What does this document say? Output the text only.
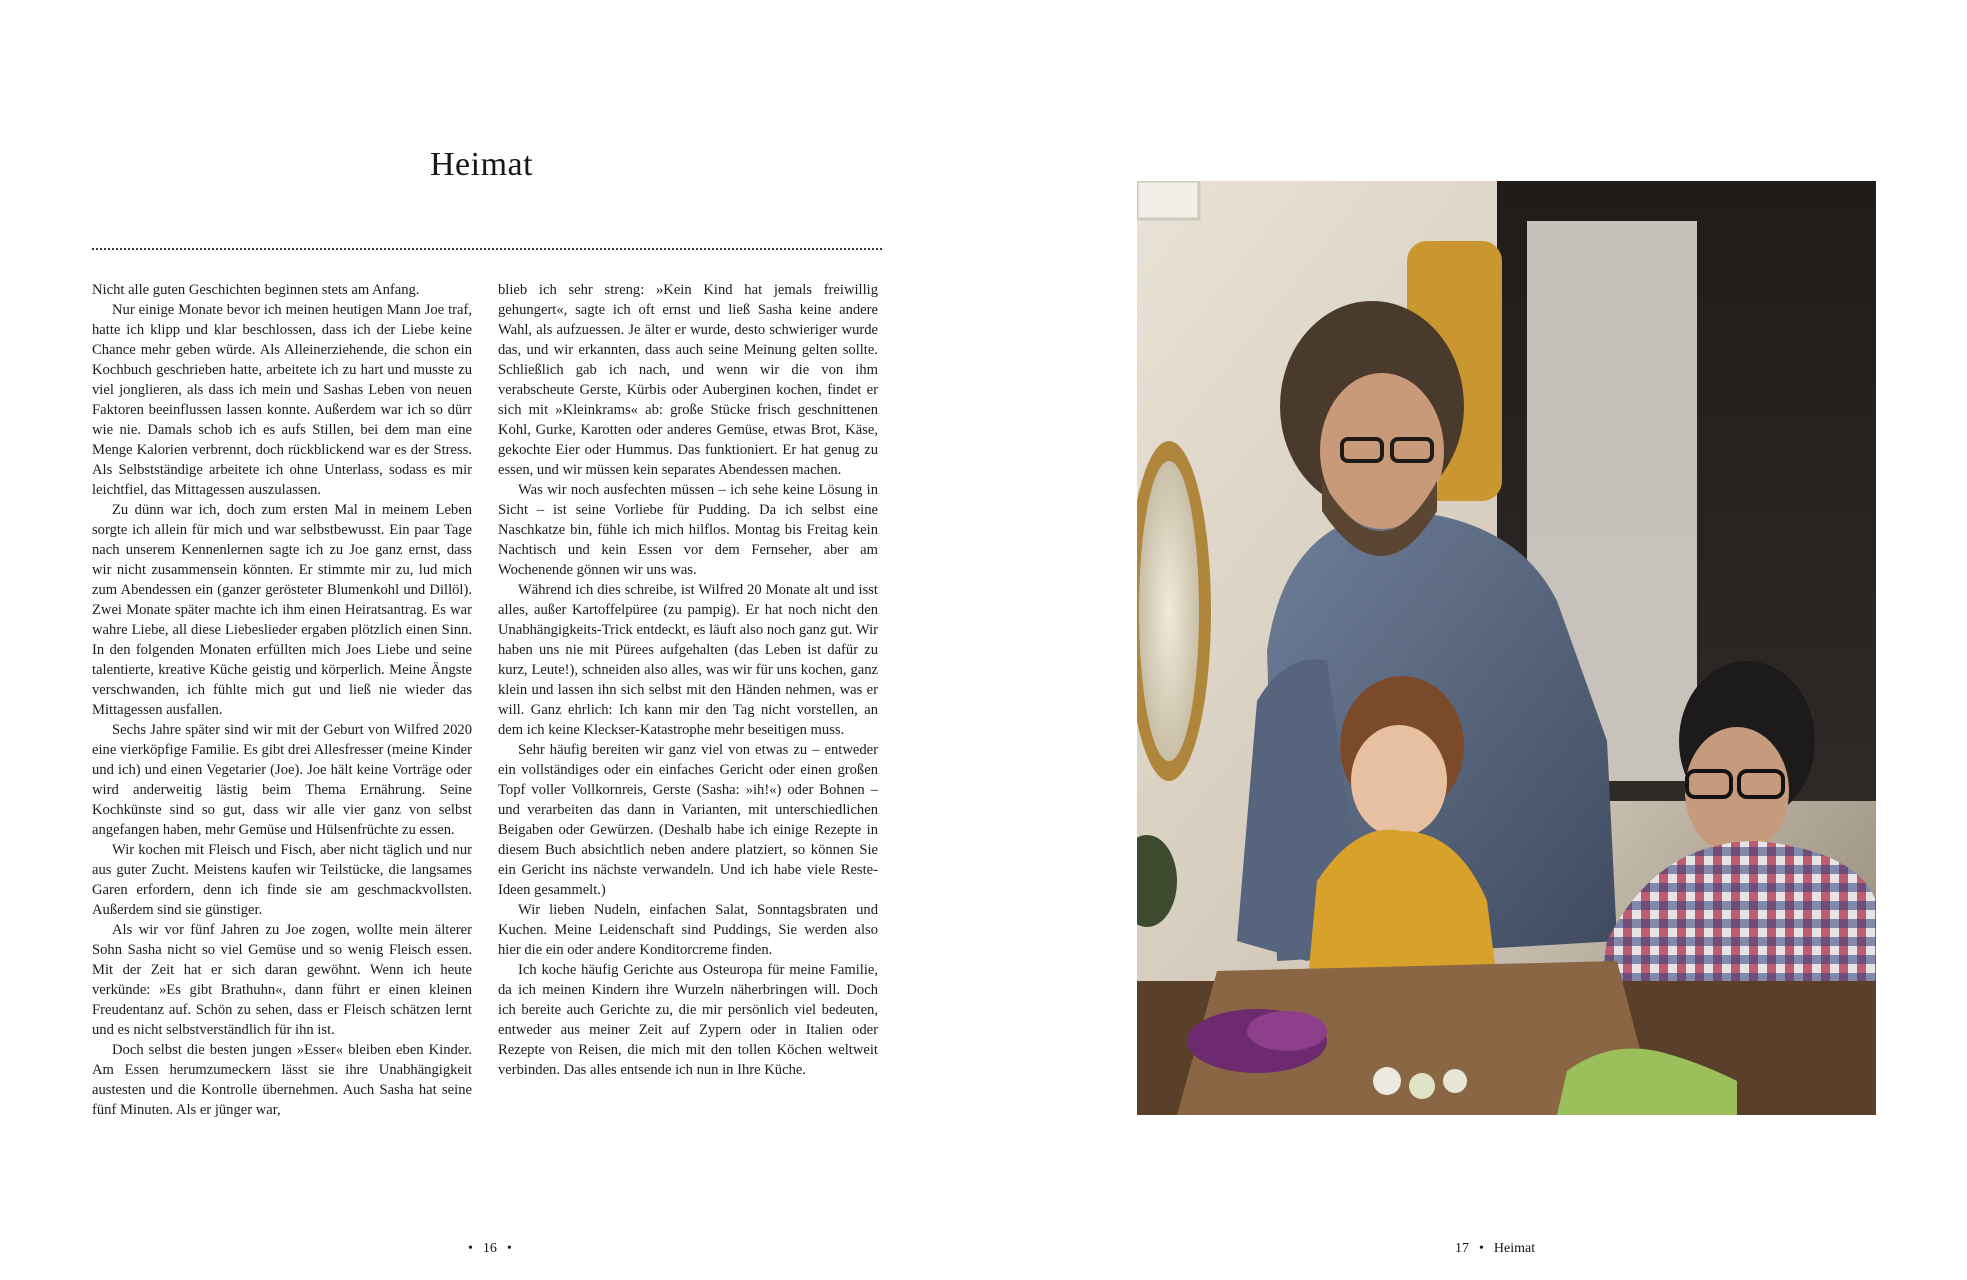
Heimat

Nicht alle guten Geschichten beginnen stets am Anfang.

Nur einige Monate bevor ich meinen heutigen Mann Joe traf, hatte ich klipp und klar beschlossen, dass ich der Liebe keine Chance mehr geben würde. Als Alleinerziehende, die schon ein Kochbuch geschrieben hatte, arbeitete ich zu hart und musste zu viel jonglieren, als dass ich mein und Sashas Leben von neuen Faktoren beeinflussen lassen konnte. Außerdem war ich so dürr wie nie. Damals schob ich es aufs Stillen, bei dem man eine Menge Kalorien verbrennt, doch rückblickend war es der Stress. Als Selbstständige arbeitete ich ohne Unterlass, sodass es mir leichtfiel, das Mittagessen auszulassen.

Zu dünn war ich, doch zum ersten Mal in meinem Leben sorgte ich allein für mich und war selbstbewusst. Ein paar Tage nach unserem Kennenlernen sagte ich zu Joe ganz ernst, dass wir nicht zusammensein könnten. Er stimmte mir zu, lud mich zum Abendessen ein (ganzer gerösteter Blumenkohl und Dillöl). Zwei Monate später machte ich ihm einen Heiratsantrag. Es war wahre Liebe, all diese Liebeslieder ergaben plötzlich einen Sinn. In den folgenden Monaten erfüllten mich Joes Liebe und seine talentierte, kreative Küche geistig und körperlich. Meine Ängste verschwanden, ich fühlte mich gut und ließ nie wieder das Mittagessen ausfallen.

Sechs Jahre später sind wir mit der Geburt von Wilfred 2020 eine vierköpfige Familie. Es gibt drei Allesfresser (meine Kinder und ich) und einen Vegetarier (Joe). Joe hält keine Vorträge oder wird anderweitig lästig beim Thema Ernährung. Seine Kochkünste sind so gut, dass wir alle vier ganz von selbst angefangen haben, mehr Gemüse und Hülsenfrüchte zu essen.

Wir kochen mit Fleisch und Fisch, aber nicht täglich und nur aus guter Zucht. Meistens kaufen wir Teilstücke, die langsames Garen erfordern, denn ich finde sie am geschmackvollsten. Außerdem sind sie günstiger.

Als wir vor fünf Jahren zu Joe zogen, wollte mein älterer Sohn Sasha nicht so viel Gemüse und so wenig Fleisch essen. Mit der Zeit hat er sich daran gewöhnt. Wenn ich heute verkünde: »Es gibt Brathuhn«, dann führt er einen kleinen Freudentanz auf. Schön zu sehen, dass er Fleisch schätzen lernt und es nicht selbstverständlich für ihn ist.

Doch selbst die besten jungen »Esser« bleiben eben Kinder. Am Essen herumzumeckern lässt sie ihre Unabhängigkeit austesten und die Kontrolle übernehmen. Auch Sasha hat seine fünf Minuten. Als er jünger war,

blieb ich sehr streng: »Kein Kind hat jemals freiwillig gehungert«, sagte ich oft ernst und ließ Sasha keine andere Wahl, als aufzuessen. Je älter er wurde, desto schwieriger wurde das, und wir erkannten, dass auch seine Meinung gelten sollte. Schließlich gab ich nach, und wenn wir die von ihm verabscheute Gerste, Kürbis oder Auberginen kochen, findet er sich mit »Kleinkrams« ab: große Stücke frisch geschnittenen Kohl, Gurke, Karotten oder anderes Gemüse, etwas Brot, Käse, gekochte Eier oder Hummus. Das funktioniert. Er hat genug zu essen, und wir müssen kein separates Abendessen machen.

Was wir noch ausfechten müssen – ich sehe keine Lösung in Sicht – ist seine Vorliebe für Pudding. Da ich selbst eine Naschkatze bin, fühle ich mich hilflos. Montag bis Freitag kein Nachtisch und kein Essen vor dem Fernseher, aber am Wochenende gönnen wir uns was.

Während ich dies schreibe, ist Wilfred 20 Monate alt und isst alles, außer Kartoffelpüree (zu pampig). Er hat noch nicht den Unabhängigkeits-Trick entdeckt, es läuft also noch ganz gut. Wir haben uns nie mit Pürees aufgehalten (das Leben ist dafür zu kurz, Leute!), schneiden also alles, was wir für uns kochen, ganz klein und lassen ihn sich selbst mit den Händen nehmen, was er will. Ganz ehrlich: Ich kann mir den Tag nicht vorstellen, an dem ich keine Kleckser-Katastrophe mehr beseitigen muss.

Sehr häufig bereiten wir ganz viel von etwas zu – entweder ein vollständiges oder ein einfaches Gericht oder einen großen Topf voller Vollkornreis, Gerste (Sasha: »ih!«) oder Bohnen – und verarbeiten das dann in Varianten, mit unterschiedlichen Beigaben oder Gewürzen. (Deshalb habe ich einige Rezepte in diesem Buch absichtlich neben andere platziert, so können Sie ein Gericht ins nächste verwandeln. Und ich habe viele Reste-Ideen gesammelt.)

Wir lieben Nudeln, einfachen Salat, Sonntagsbraten und Kuchen. Meine Leidenschaft sind Puddings, Sie werden also hier die ein oder andere Konditorcreme finden.

Ich koche häufig Gerichte aus Osteuropa für meine Familie, da ich meinen Kindern ihre Wurzeln näherbringen will. Doch ich bereite auch Gerichte zu, die mir persönlich viel bedeuten, entweder aus meiner Zeit auf Zypern oder in Italien oder Rezepte von Reisen, die mich mit den tollen Köchen weltweit verbinden. Das alles entsende ich nun in Ihre Küche.

• 16 •	17 • Heimat
